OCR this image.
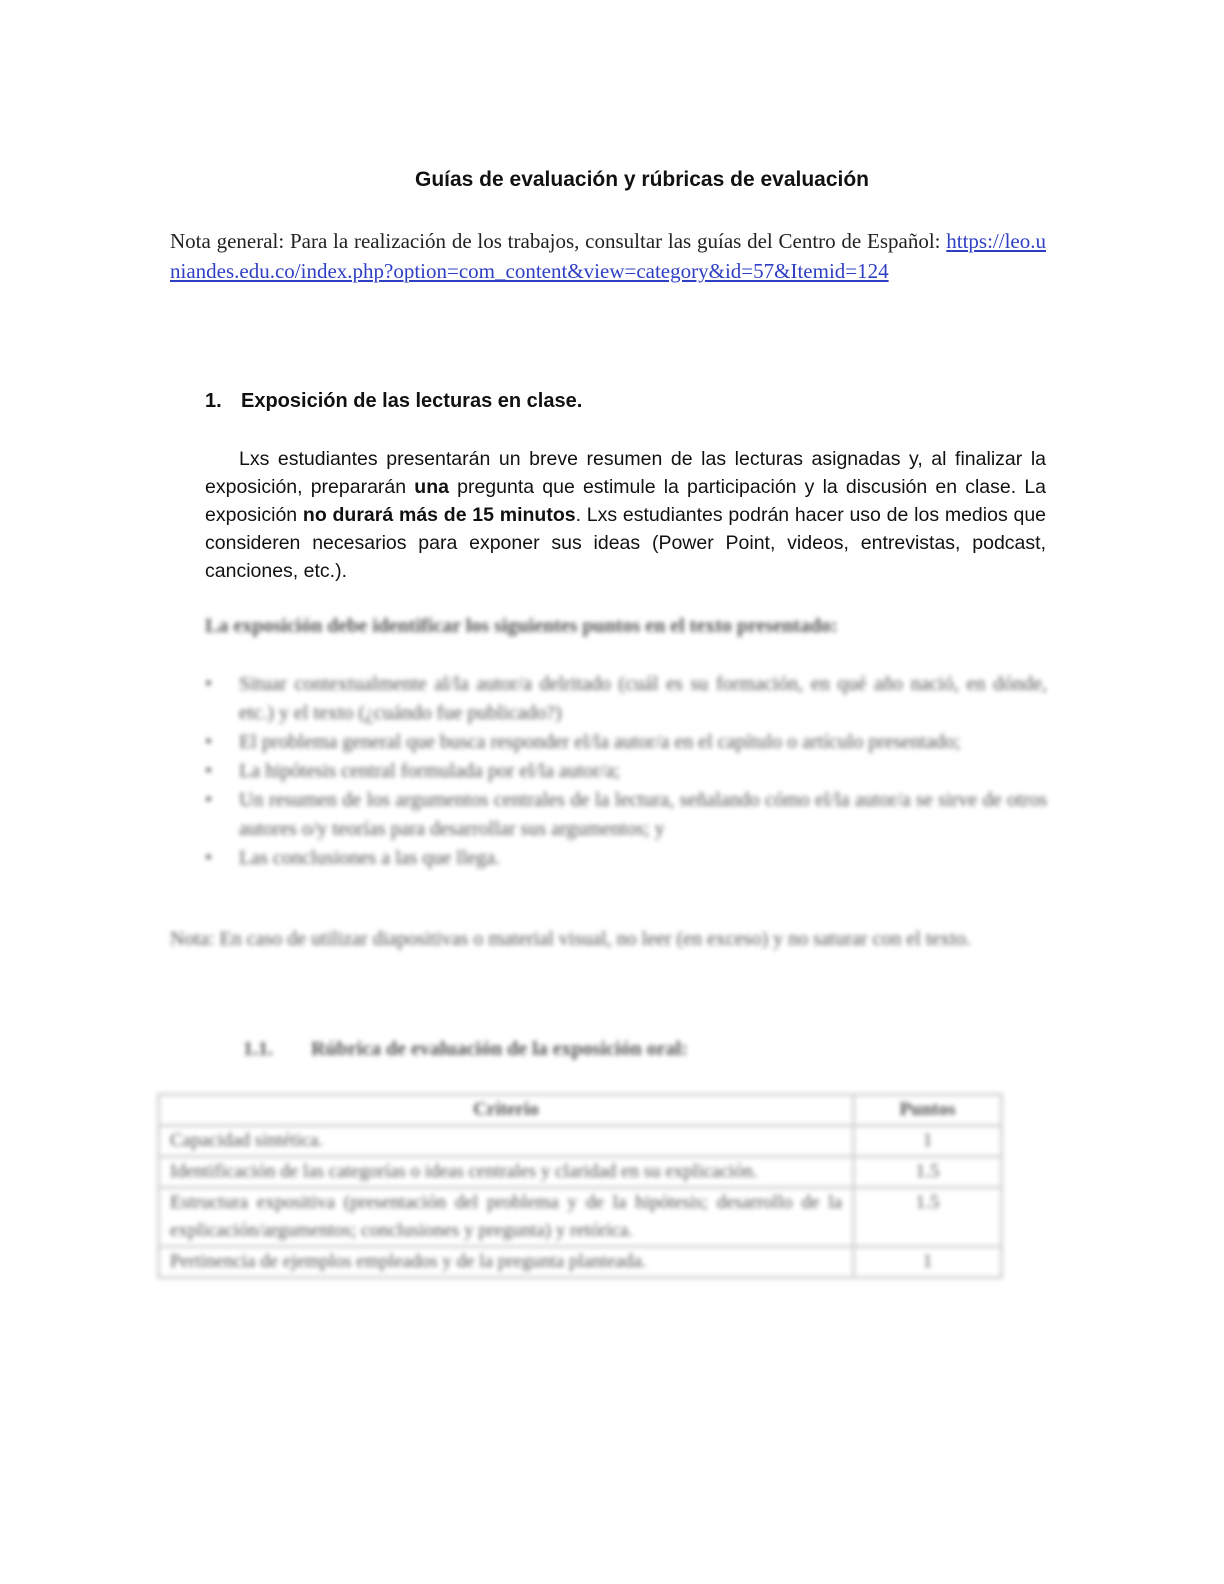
Guías de evaluación y rúbricas de evaluación
Nota general: Para la realización de los trabajos, consultar las guías del Centro de Español: https://leo.uniandes.edu.co/index.php?option=com_content&view=category&id=57&Itemid=124
1. Exposición de las lecturas en clase.
Lxs estudiantes presentarán un breve resumen de las lecturas asignadas y, al finalizar la exposición, prepararán una pregunta que estimule la participación y la discusión en clase. La exposición no durará más de 15 minutos. Lxs estudiantes podrán hacer uso de los medios que consideren necesarios para exponer sus ideas (Power Point, videos, entrevistas, podcast, canciones, etc.).
La exposición debe identificar los siguientes puntos en el texto presentado:
• Situar contextualmente al/la autor/a delritado (cuál es su formación, en qué año nació, en dónde, etc.) y el texto (¿cuándo fue publicado?)
• El problema general que busca responder el/la autor/a en el capítulo o artículo presentado;
• La hipótesis central formulada por el/la autor/a;
• Un resumen de los argumentos centrales de la lectura, señalando cómo el/la autor/a se sirve de otros autores o/y teorías para desarrollar sus argumentos; y
• Las conclusiones a las que llega.
Nota: En caso de utilizar diapositivas o material visual, no leer (en exceso) y no saturar con el texto.
1.1. Rúbrica de evaluación de la exposición oral:
Criterio	Puntos
Capacidad sintética.	1
Identificación de las categorías o ideas centrales y claridad en su explicación.	1.5
Estructura expositiva (presentación del problema y de la hipótesis; desarrollo de la explicación/argumentos; conclusiones y pregunta) y retórica.	1.5
Pertinencia de ejemplos empleados y de la pregunta planteada.	1
